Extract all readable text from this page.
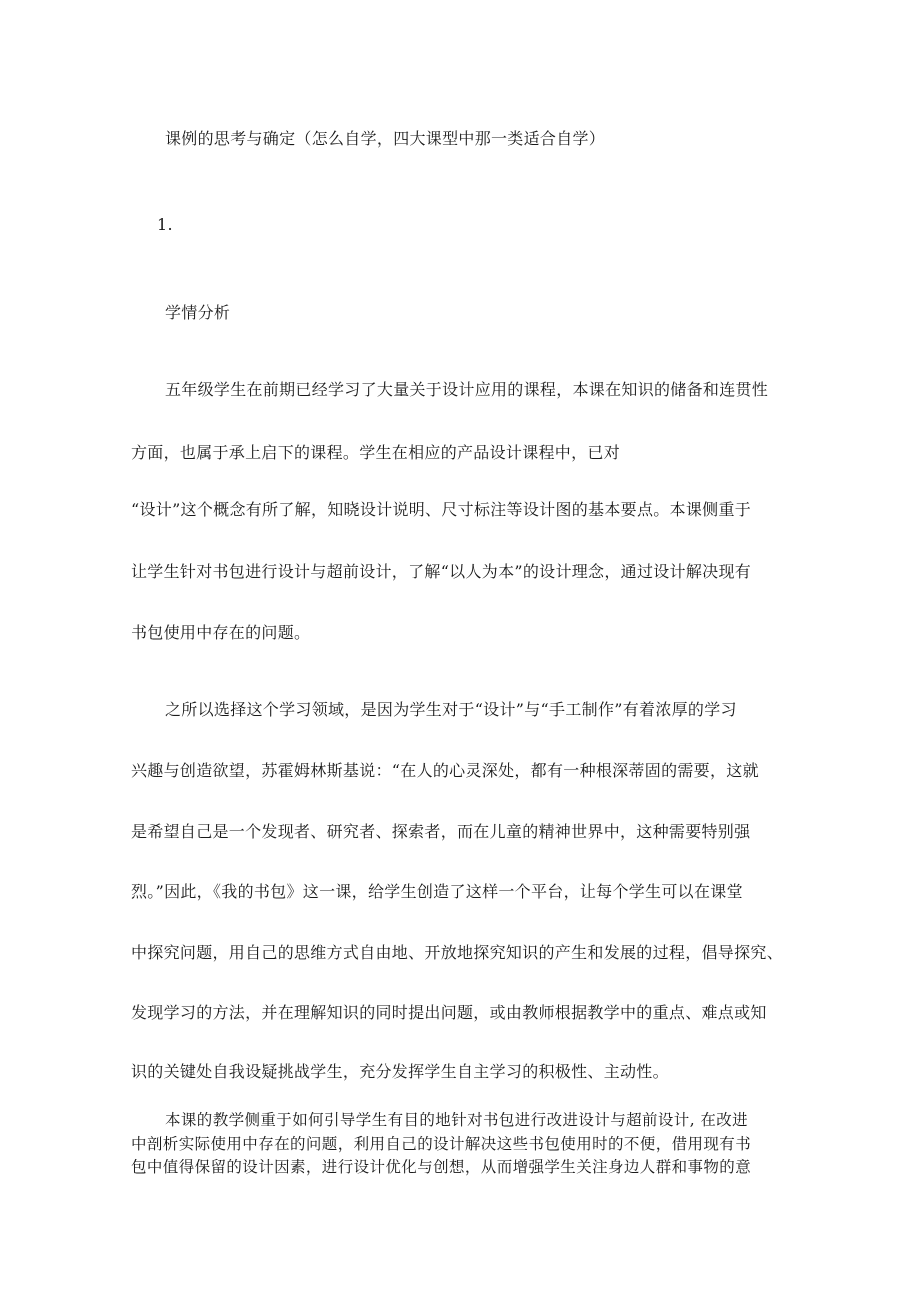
课例的思考与确定（怎么自学，四大课型中那一类适合自学）
1.
学情分析
五年级学生在前期已经学习了大量关于设计应用的课程，本课在知识的储备和连贯性
方面，也属于承上启下的课程。学生在相应的产品设计课程中，已对
“设计”这个概念有所了解，知晓设计说明、尺寸标注等设计图的基本要点。本课侧重于
让学生针对书包进行设计与超前设计，了解“以人为本”的设计理念，通过设计解决现有
书包使用中存在的问题。
之所以选择这个学习领域，是因为学生对于“设计”与“手工制作”有着浓厚的学习
兴趣与创造欲望，苏霍姆林斯基说：“在人的心灵深处，都有一种根深蒂固的需要，这就
是希望自己是一个发现者、研究者、探索者，而在儿童的精神世界中，这种需要特别强
烈。”因此，《我的书包》这一课，给学生创造了这样一个平台，让每个学生可以在课堂
中探究问题，用自己的思维方式自由地、开放地探究知识的产生和发展的过程，倡导探究、
发现学习的方法，并在理解知识的同时提出问题，或由教师根据教学中的重点、难点或知
识的关键处自我设疑挑战学生，充分发挥学生自主学习的积极性、主动性。
本课的教学侧重于如何引导学生有目的地针对书包进行改进设计与超前设计, 在改进
中剖析实际使用中存在的问题，利用自己的设计解决这些书包使用时的不便，借用现有书
包中值得保留的设计因素，进行设计优化与创想，从而增强学生关注身边人群和事物的意
